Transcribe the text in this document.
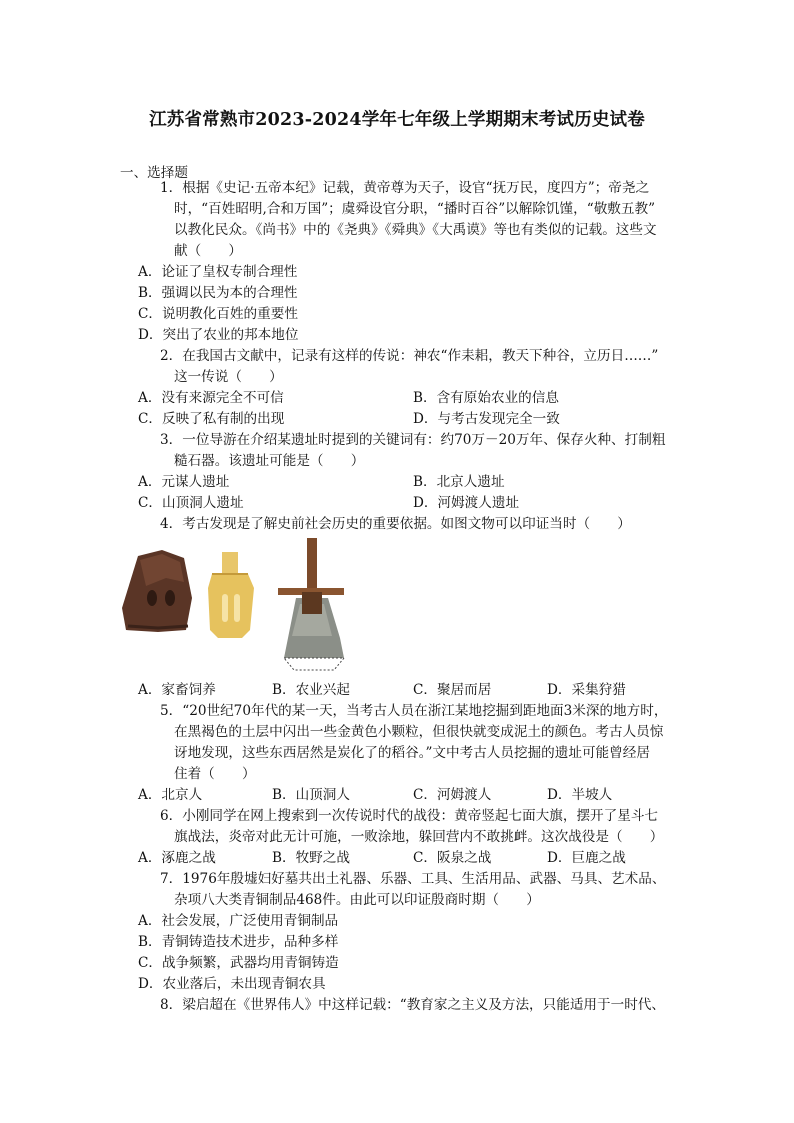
江苏省常熟市2023-2024学年七年级上学期期末考试历史试卷
一、选择题
1．根据《史记·五帝本纪》记载，黄帝尊为天子，设官“抚万民，度四方”；帝尧之
时，“百姓昭明,合和万国”；虞舜设官分职，“播时百谷”以解除饥馑，“敬敷五教”
以教化民众。《尚书》中的《尧典》《舜典》《大禹谟》等也有类似的记载。这些文
献（　　）
A．论证了皇权专制合理性
B．强调以民为本的合理性
C．说明教化百姓的重要性
D．突出了农业的邦本地位
2．在我国古文献中，记录有这样的传说：神农“作耒耜，教天下种谷，立历日……”
这一传说（　　）
A．没有来源完全不可信	B．含有原始农业的信息
C．反映了私有制的出现	D．与考古发现完全一致
3．一位导游在介绍某遗址时提到的关键词有：约70万－20万年、保存火种、打制粗
糙石器。该遗址可能是（　　）
A．元谋人遗址	B．北京人遗址
C．山顶洞人遗址	D．河姆渡人遗址
4．考古发现是了解史前社会历史的重要依据。如图文物可以印证当时（　　）
A．家畜饲养	B．农业兴起	C．聚居而居	D．采集狩猎
5．“20世纪70年代的某一天，当考古人员在浙江某地挖掘到距地面3米深的地方时，
在黑褐色的土层中闪出一些金黄色小颗粒，但很快就变成泥土的颜色。考古人员惊
讶地发现，这些东西居然是炭化了的稻谷。”文中考古人员挖掘的遗址可能曾经居
住着（　　）
A．北京人	B．山顶洞人	C．河姆渡人	D．半坡人
6．小刚同学在网上搜索到一次传说时代的战役：黄帝竖起七面大旗，摆开了星斗七
旗战法，炎帝对此无计可施，一败涂地，躲回营内不敢挑衅。这次战役是（　　）
A．涿鹿之战	B．牧野之战	C．阪泉之战	D．巨鹿之战
7．1976年殷墟妇好墓共出土礼器、乐器、工具、生活用品、武器、马具、艺术品、
杂项八大类青铜制品468件。由此可以印证殷商时期（　　）
A．社会发展，广泛使用青铜制品
B．青铜铸造技术进步，品种多样
C．战争频繁，武器均用青铜铸造
D．农业落后，未出现青铜农具
8．梁启超在《世界伟人》中这样记载：“教育家之主义及方法，只能适用于一时代、
